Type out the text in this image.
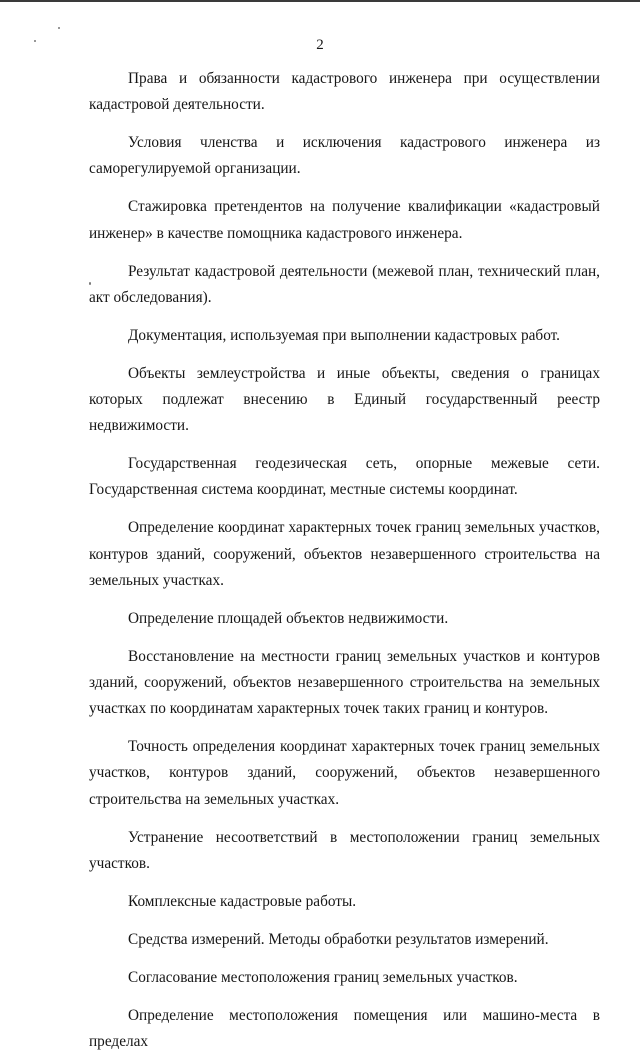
2

Права и обязанности кадастрового инженера при осуществлении кадастровой деятельности.

Условия членства и исключения кадастрового инженера из саморегулируемой организации.

Стажировка претендентов на получение квалификации «кадастровый инженер» в качестве помощника кадастрового инженера.

Результат кадастровой деятельности (межевой план, технический план, акт обследования).

Документация, используемая при выполнении кадастровых работ.

Объекты землеустройства и иные объекты, сведения о границах которых подлежат внесению в Единый государственный реестр недвижимости.

Государственная геодезическая сеть, опорные межевые сети. Государственная система координат, местные системы координат.

Определение координат характерных точек границ земельных участков, контуров зданий, сооружений, объектов незавершенного строительства на земельных участках.

Определение площадей объектов недвижимости.

Восстановление на местности границ земельных участков и контуров зданий, сооружений, объектов незавершенного строительства на земельных участках по координатам характерных точек таких границ и контуров.

Точность определения координат характерных точек границ земельных участков, контуров зданий, сооружений, объектов незавершенного строительства на земельных участках.

Устранение несоответствий в местоположении границ земельных участков.

Комплексные кадастровые работы.

Средства измерений. Методы обработки результатов измерений.

Согласование местоположения границ земельных участков.

Определение местоположения помещения или машино-места в пределах
